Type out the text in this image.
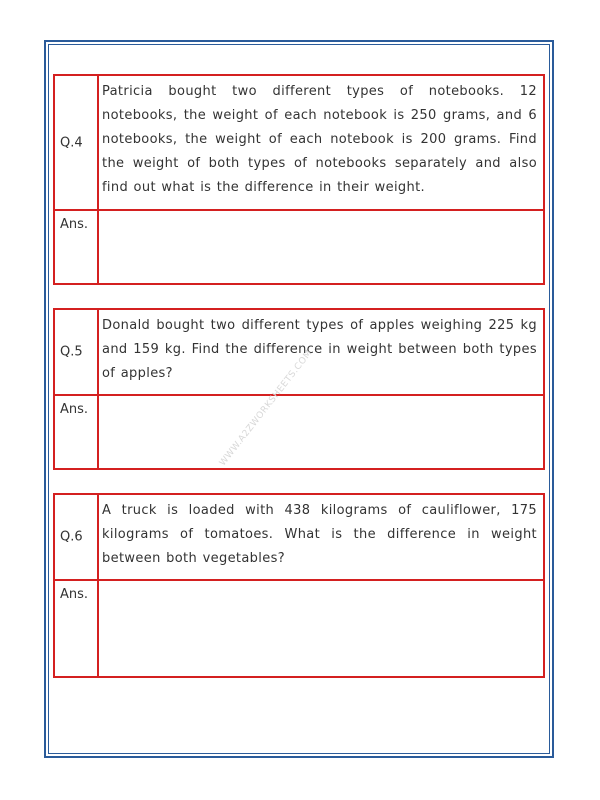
Q.4
Patricia bought two different types of notebooks. 12 notebooks, the weight of each notebook is 250 grams, and 6 notebooks, the weight of each notebook is 200 grams. Find the weight of both types of notebooks separately and also find out what is the difference in their weight.
Ans.
Q.5
Donald bought two different types of apples weighing 225 kg and 159 kg. Find the difference in weight between both types of apples?
Ans.
Q.6
A truck is loaded with 438 kilograms of cauliflower, 175 kilograms of tomatoes. What is the difference in weight between both vegetables?
Ans.
WWW.A2ZWORKSHEETS.COM
